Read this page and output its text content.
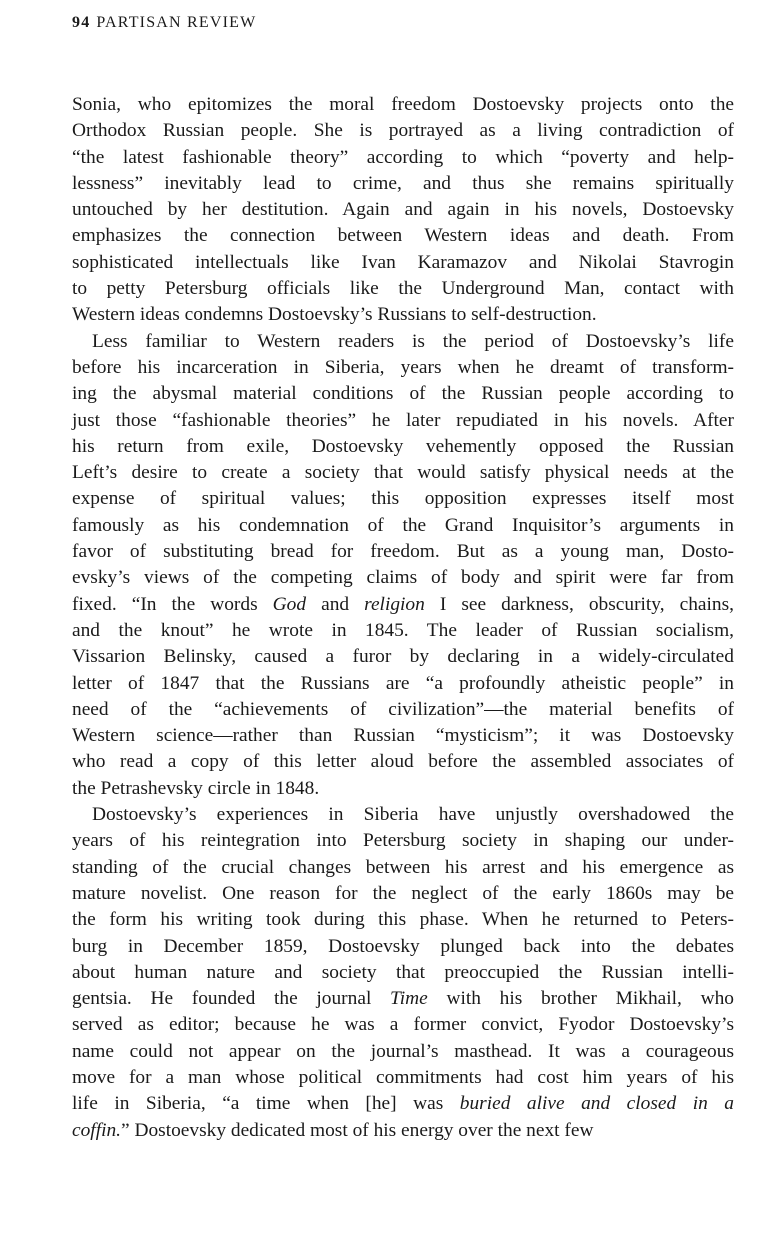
94 PARTISAN REVIEW
Sonia, who epitomizes the moral freedom Dostoevsky projects onto the
Orthodox Russian people. She is portrayed as a living contradiction of
“the latest fashionable theory” according to which “poverty and help-
lessness” inevitably lead to crime, and thus she remains spiritually
untouched by her destitution. Again and again in his novels, Dostoevsky
emphasizes the connection between Western ideas and death. From
sophisticated intellectuals like Ivan Karamazov and Nikolai Stavrogin
to petty Petersburg officials like the Underground Man, contact with
Western ideas condemns Dostoevsky’s Russians to self-destruction.
Less familiar to Western readers is the period of Dostoevsky’s life
before his incarceration in Siberia, years when he dreamt of transform-
ing the abysmal material conditions of the Russian people according to
just those “fashionable theories” he later repudiated in his novels. After
his return from exile, Dostoevsky vehemently opposed the Russian
Left’s desire to create a society that would satisfy physical needs at the
expense of spiritual values; this opposition expresses itself most
famously as his condemnation of the Grand Inquisitor’s arguments in
favor of substituting bread for freedom. But as a young man, Dosto-
evsky’s views of the competing claims of body and spirit were far from
fixed. “In the words God and religion I see darkness, obscurity, chains,
and the knout” he wrote in 1845. The leader of Russian socialism,
Vissarion Belinsky, caused a furor by declaring in a widely-circulated
letter of 1847 that the Russians are “a profoundly atheistic people” in
need of the “achievements of civilization”—the material benefits of
Western science—rather than Russian “mysticism”; it was Dostoevsky
who read a copy of this letter aloud before the assembled associates of
the Petrashevsky circle in 1848.
Dostoevsky’s experiences in Siberia have unjustly overshadowed the
years of his reintegration into Petersburg society in shaping our under-
standing of the crucial changes between his arrest and his emergence as
mature novelist. One reason for the neglect of the early 1860s may be
the form his writing took during this phase. When he returned to Peters-
burg in December 1859, Dostoevsky plunged back into the debates
about human nature and society that preoccupied the Russian intelli-
gentsia. He founded the journal Time with his brother Mikhail, who
served as editor; because he was a former convict, Fyodor Dostoevsky’s
name could not appear on the journal’s masthead. It was a courageous
move for a man whose political commitments had cost him years of his
life in Siberia, “a time when [he] was buried alive and closed in a
coffin.” Dostoevsky dedicated most of his energy over the next few
